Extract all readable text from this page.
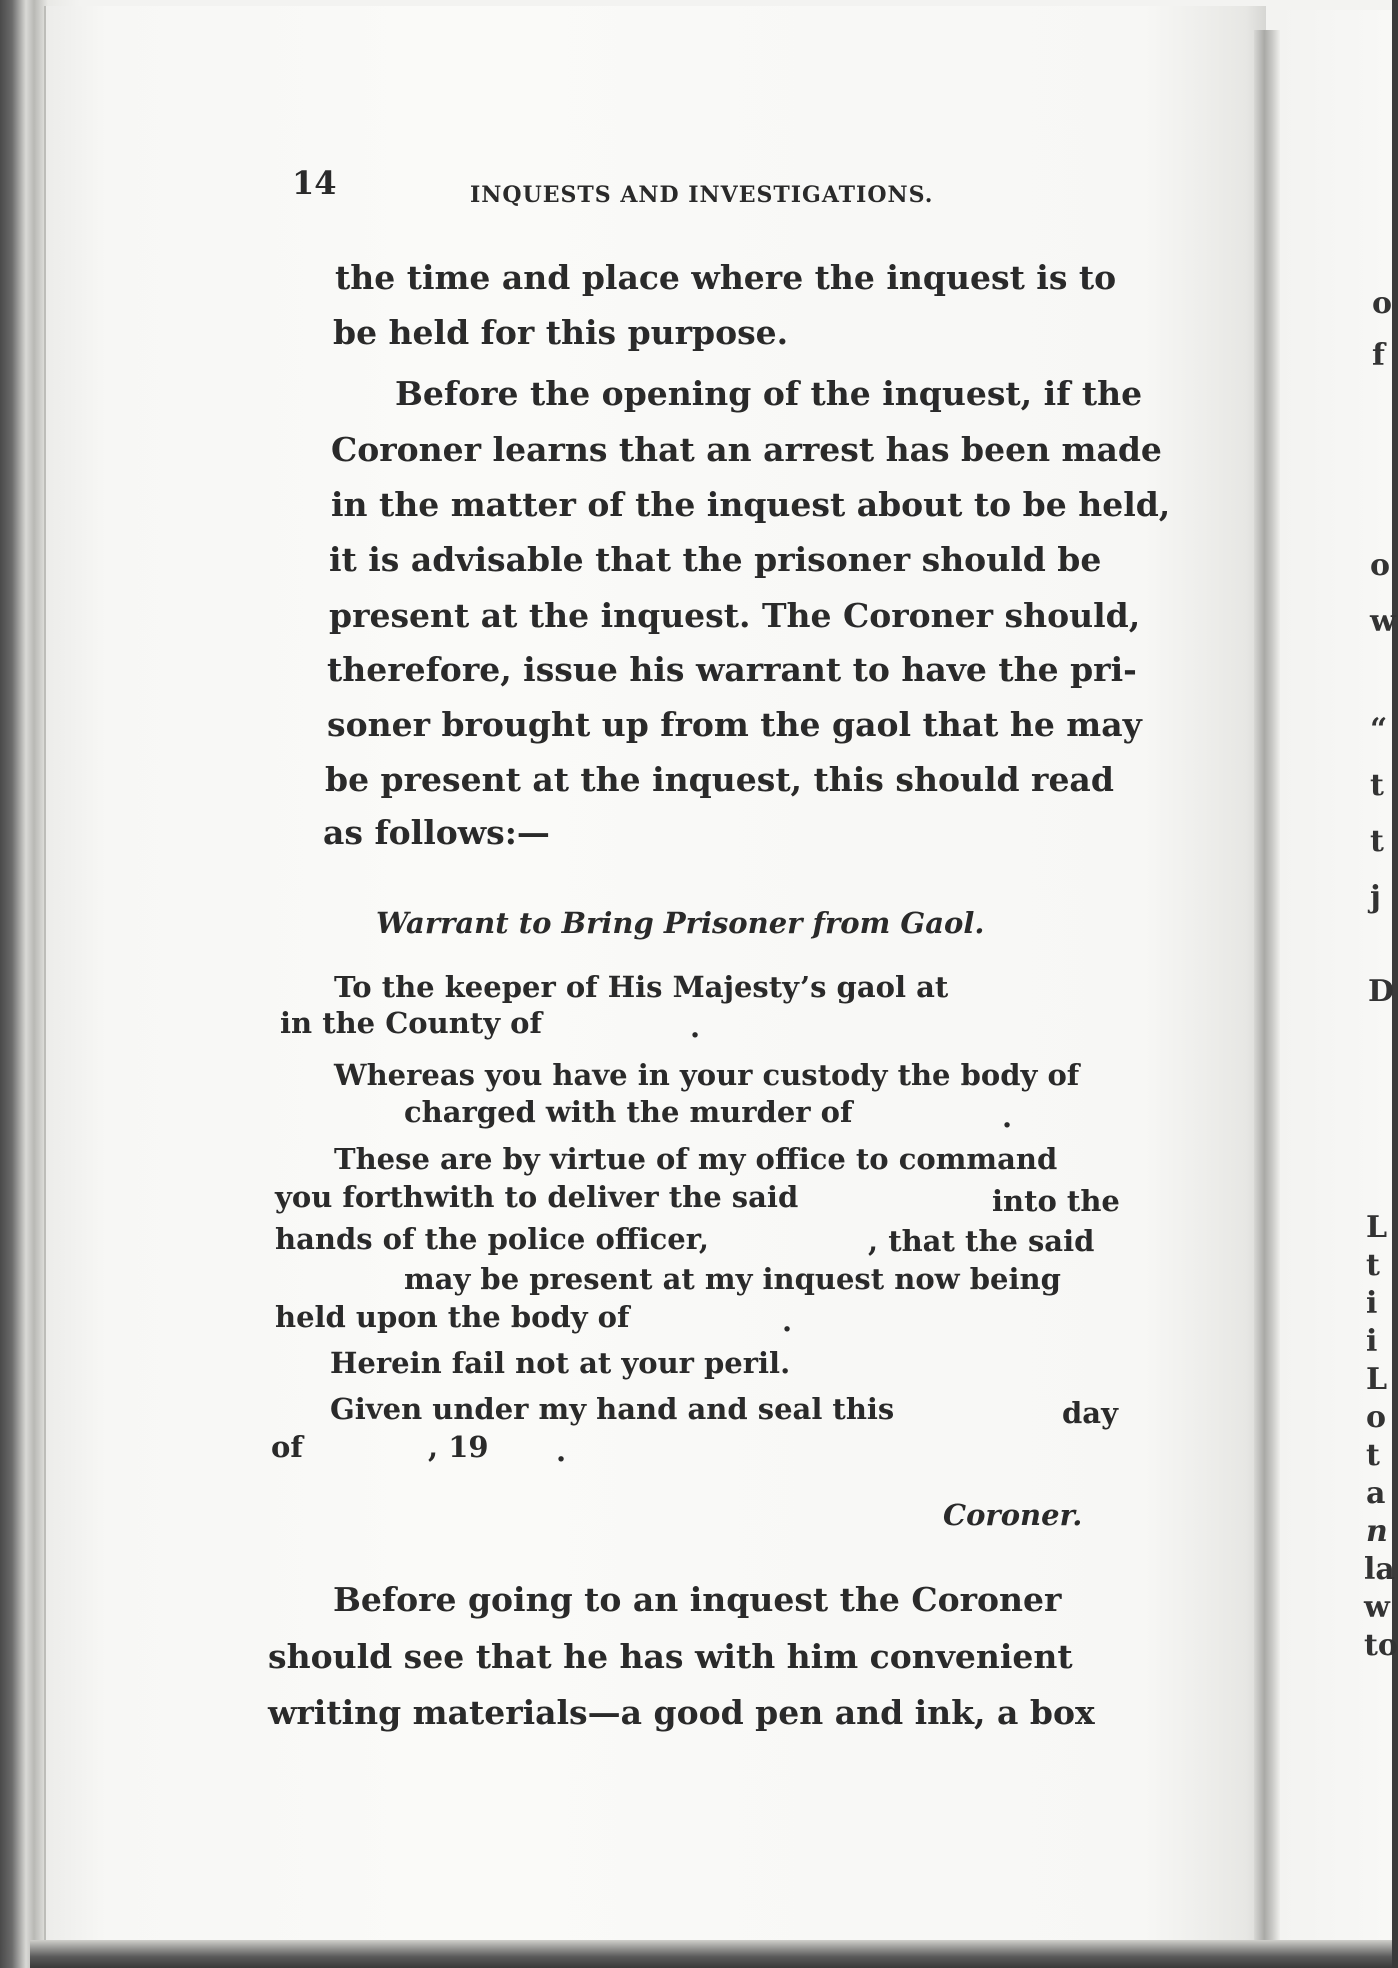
14	INQUESTS AND INVESTIGATIONS.
the time and place where the inquest is to
be held for this purpose.
Before the opening of the inquest, if the
Coroner learns that an arrest has been made
in the matter of the inquest about to be held,
it is advisable that the prisoner should be
present at the inquest. The Coroner should,
therefore, issue his warrant to have the pri-
soner brought up from the gaol that he may
be present at the inquest, this should read
as follows:—
Warrant to Bring Prisoner from Gaol.
To the keeper of His Majesty’s gaol at
in the County of	.
Whereas you have in your custody the body of
charged with the murder of	.
These are by virtue of my office to command
you forthwith to deliver the said	into the
hands of the police officer,	, that the said
may be present at my inquest now being
held upon the body of	.
Herein fail not at your peril.
Given under my hand and seal this	day
of	, 19 .
Coroner.
Before going to an inquest the Coroner
should see that he has with him convenient
writing materials—a good pen and ink, a box
o
f
o
w
“
t
t
j
D
L
t
i
i
L
o
t
a
n
la
w
to
